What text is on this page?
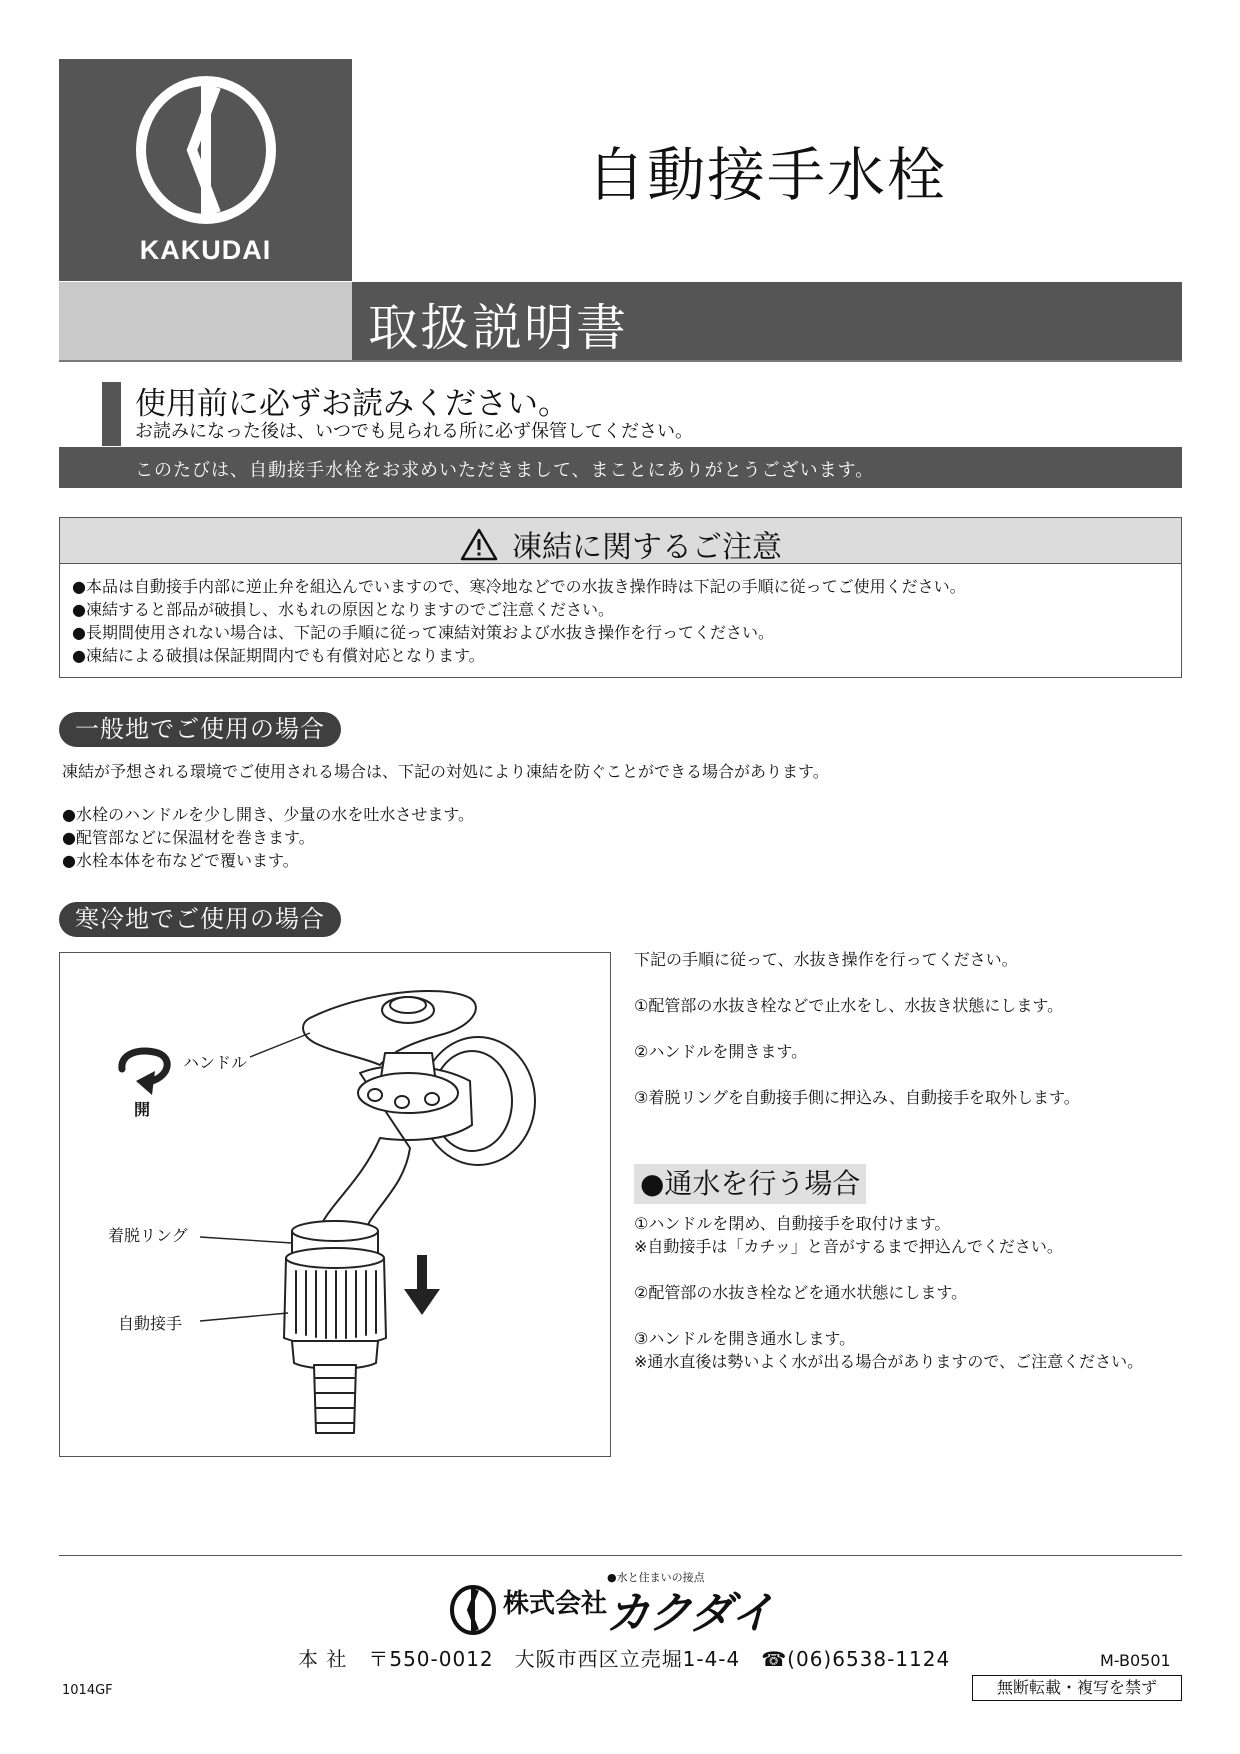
KAKUDAI
自動接手水栓
取扱説明書
使用前に必ずお読みください。
お読みになった後は、いつでも見られる所に必ず保管してください。
このたびは、自動接手水栓をお求めいただきまして、まことにありがとうございます。
凍結に関するご注意
●本品は自動接手内部に逆止弁を組込んでいますので、寒冷地などでの水抜き操作時は下記の手順に従ってご使用ください。
●凍結すると部品が破損し、水もれの原因となりますのでご注意ください。
●長期間使用されない場合は、下記の手順に従って凍結対策および水抜き操作を行ってください。
●凍結による破損は保証期間内でも有償対応となります。
一般地でご使用の場合
凍結が予想される環境でご使用される場合は、下記の対処により凍結を防ぐことができる場合があります。
●水栓のハンドルを少し開き、少量の水を吐水させます。
●配管部などに保温材を巻きます。
●水栓本体を布などで覆います。
寒冷地でご使用の場合
ハンドル
開
着脱リング
自動接手
下記の手順に従って、水抜き操作を行ってください。
①配管部の水抜き栓などで止水をし、水抜き状態にします。
②ハンドルを開きます。
③着脱リングを自動接手側に押込み、自動接手を取外します。
●通水を行う場合
①ハンドルを閉め、自動接手を取付けます。
※自動接手は「カチッ」と音がするまで押込んでください。
②配管部の水抜き栓などを通水状態にします。
③ハンドルを開き通水します。
※通水直後は勢いよく水が出る場合がありますので、ご注意ください。
●水と住まいの接点
株式会社
カクダイ
本 社　〒550-0012　大阪市西区立売堀1-4-4　☎(06)6538-1124	M-B0501
1014GF	無断転載・複写を禁ず
